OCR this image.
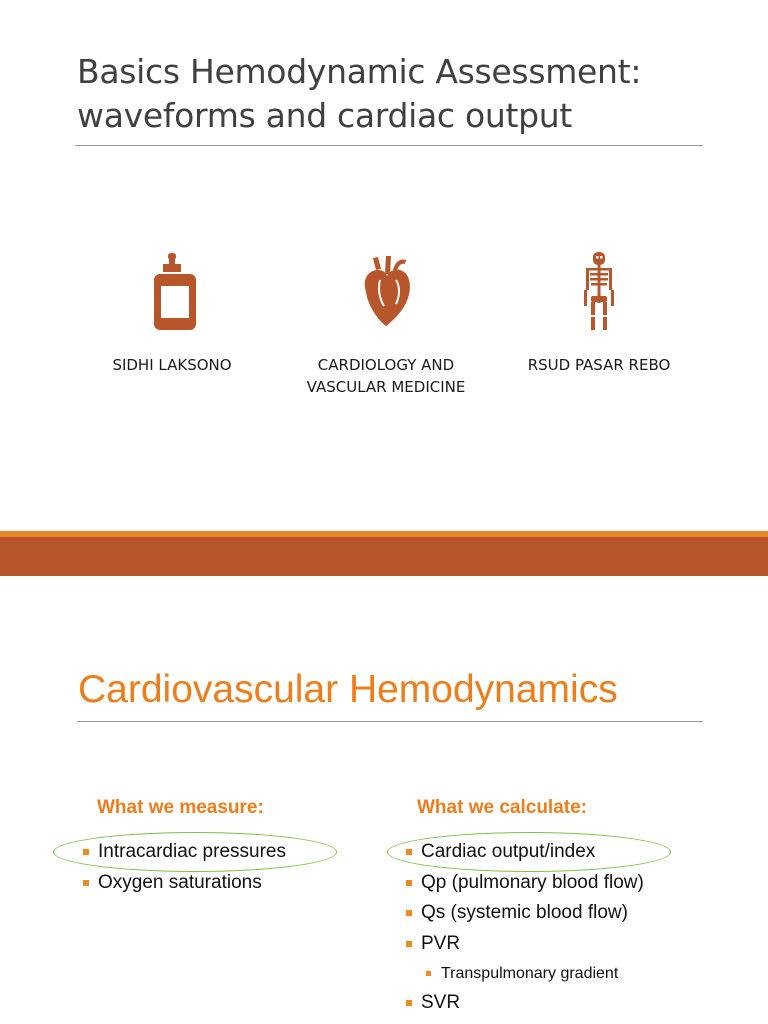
Basics Hemodynamic Assessment:
waveforms and cardiac output
SIDHI LAKSONO	CARDIOLOGY AND
VASCULAR MEDICINE
RSUD PASAR REBO
Cardiovascular Hemodynamics
What we measure:	What we calculate:
Intracardiac pressures
Oxygen saturations
Cardiac output/index
Qp (pulmonary blood flow)
Qs (systemic blood flow)
PVR
Transpulmonary gradient
SVR
